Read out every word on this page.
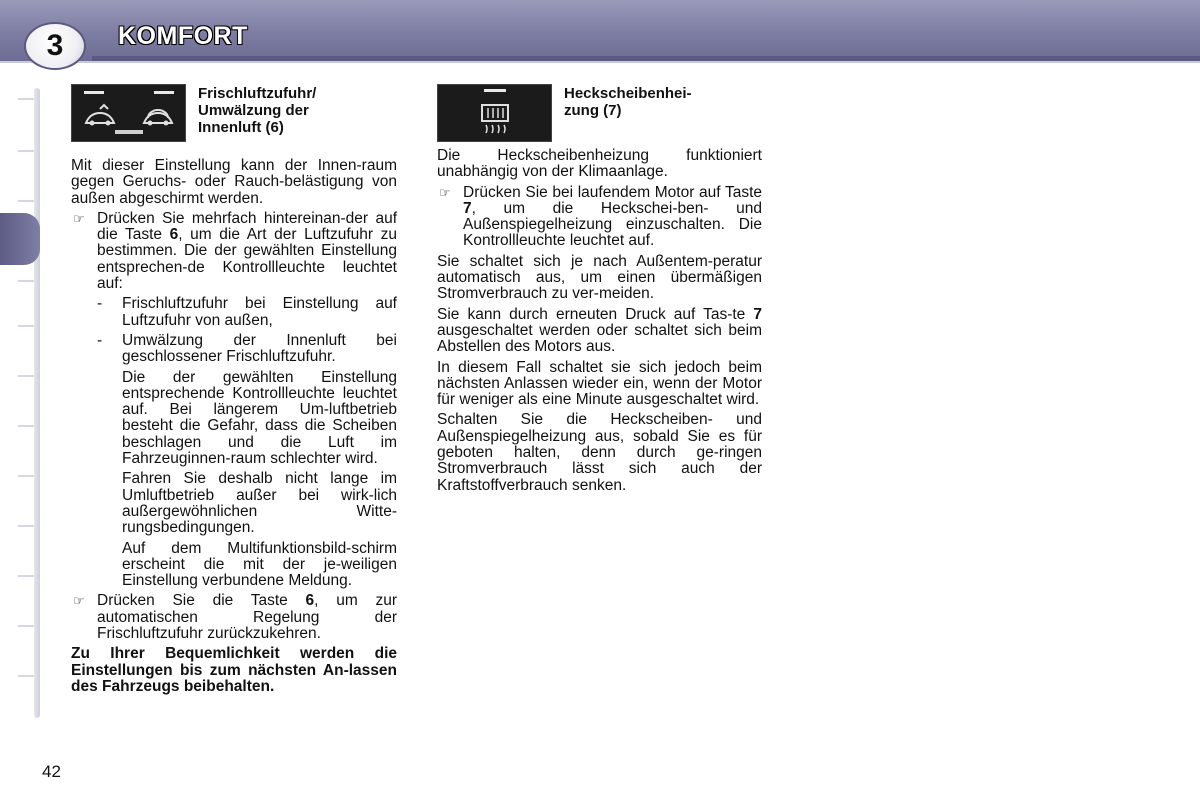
3 KOMFORT
Frischluftzufuhr/
Umwälzung der
Innenluft (6)

Mit dieser Einstellung kann der Innen-raum gegen Geruchs- oder Rauch-belästigung von außen abgeschirmt werden.

☞ Drücken Sie mehrfach hintereinan-der auf die Taste 6, um die Art der Luftzufuhr zu bestimmen. Die der gewählten Einstellung entsprechen-de Kontrollleuchte leuchtet auf:

- Frischluftzufuhr bei Einstellung auf Luftzufuhr von außen,

- Umwälzung der Innenluft bei geschlossener Frischluftzufuhr.

Die der gewählten Einstellung entsprechende Kontrollleuchte leuchtet auf. Bei längerem Um-luftbetrieb besteht die Gefahr, dass die Scheiben beschlagen und die Luft im Fahrzeuginnen-raum schlechter wird.

Fahren Sie deshalb nicht lange im Umluftbetrieb außer bei wirk-lich außergewöhnlichen Witte-rungsbedingungen.

Auf dem Multifunktionsbild-schirm erscheint die mit der je-weiligen Einstellung verbundene Meldung.

☞ Drücken Sie die Taste 6, um zur automatischen Regelung der Frischluftzufuhr zurückzukehren.

Zu Ihrer Bequemlichkeit werden die Einstellungen bis zum nächsten An-lassen des Fahrzeugs beibehalten.

Heckscheibenhei-
zung (7)

Die Heckscheibenheizung funktioniert unabhängig von der Klimaanlage.

☞ Drücken Sie bei laufendem Motor auf Taste 7, um die Heckschei-ben- und Außenspiegelheizung einzuschalten. Die Kontrollleuchte leuchtet auf.

Sie schaltet sich je nach Außentem-peratur automatisch aus, um einen übermäßigen Stromverbrauch zu ver-meiden.

Sie kann durch erneuten Druck auf Tas-te 7 ausgeschaltet werden oder schaltet sich beim Abstellen des Motors aus.

In diesem Fall schaltet sie sich jedoch beim nächsten Anlassen wieder ein, wenn der Motor für weniger als eine Minute ausgeschaltet wird.

Schalten Sie die Heckscheiben- und Außenspiegelheizung aus, sobald Sie es für geboten halten, denn durch ge-ringen Stromverbrauch lässt sich auch der Kraftstoffverbrauch senken.

42
